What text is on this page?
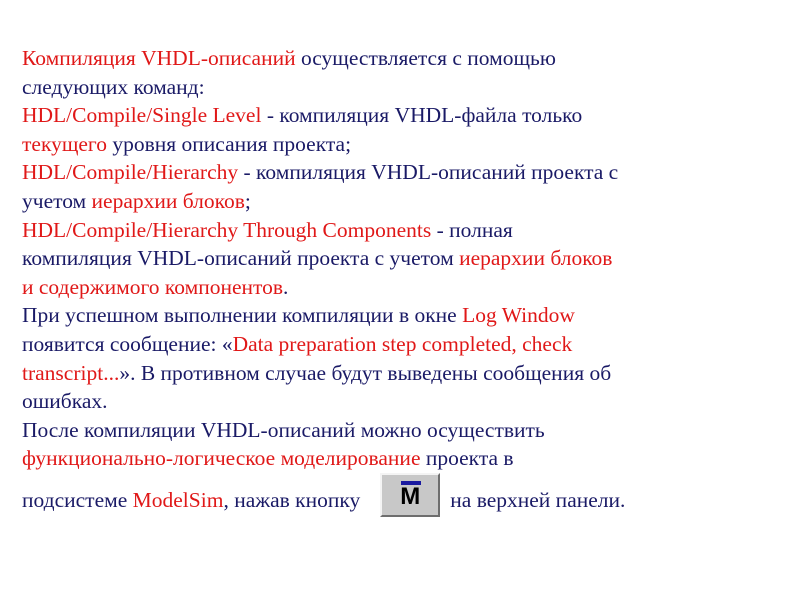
Компиляция VHDL-описаний осуществляется с помощью
следующих команд:
HDL/Compile/Single Level - компиляция VHDL-файла только
текущего уровня описания проекта;
HDL/Compile/Hierarchy - компиляция VHDL-описаний проекта с
учетом иерархии блоков;
HDL/Compile/Hierarchy Through Components - полная
компиляция VHDL-описаний проекта с учетом иерархии блоков
и содержимого компонентов.
При успешном выполнении компиляции в окне Log Window
появится сообщение: «Data preparation step completed, check
transcript...». В противном случае будут выведены сообщения об
ошибках.
После компиляции VHDL-описаний можно осуществить
функционально-логическое моделирование проекта в
подсистеме ModelSim, нажав кнопку	M	на верхней панели.
